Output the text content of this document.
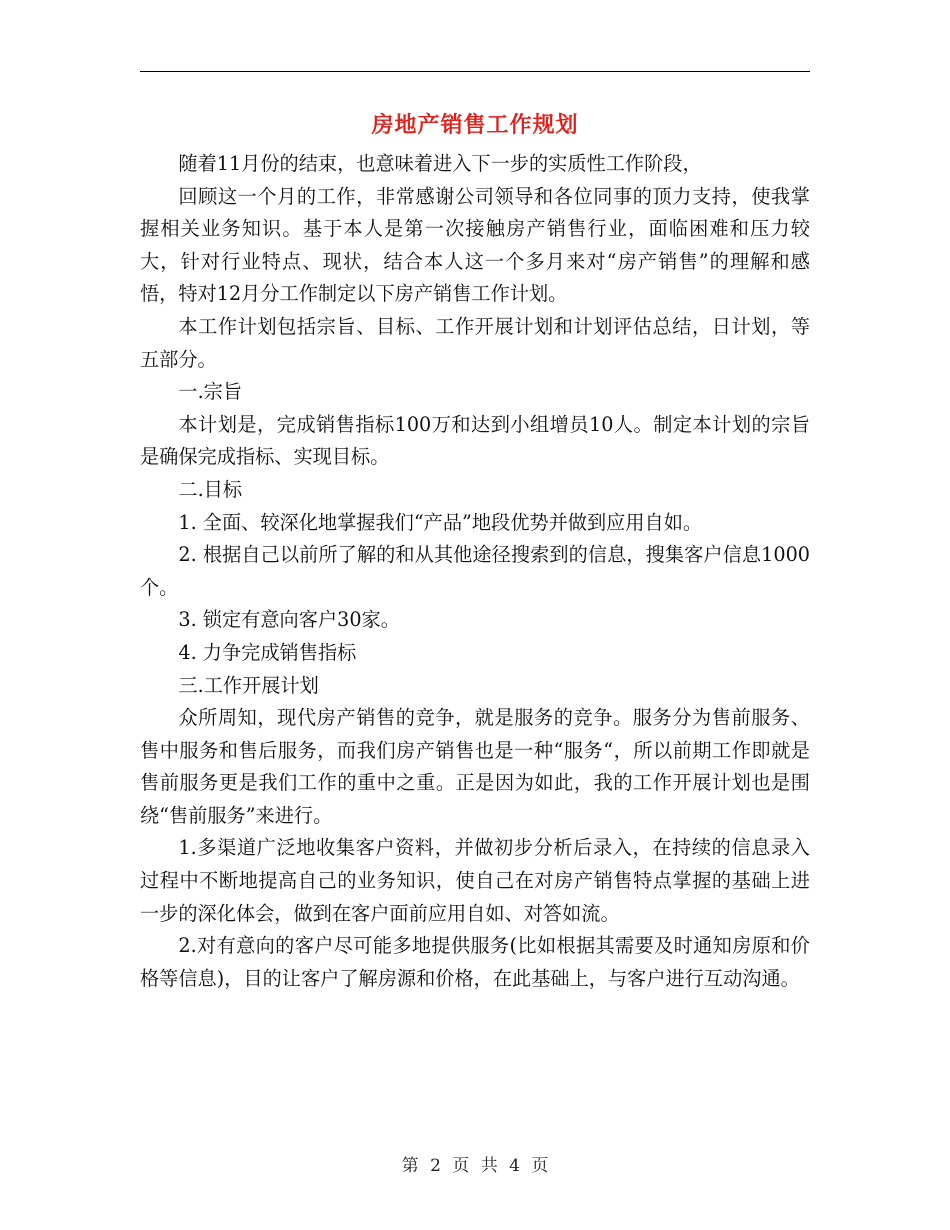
房地产销售工作规划

随着11月份的结束，也意味着进入下一步的实质性工作阶段，

回顾这一个月的工作，非常感谢公司领导和各位同事的顶力支持，使我掌握相关业务知识。基于本人是第一次接触房产销售行业，面临困难和压力较大，针对行业特点、现状，结合本人这一个多月来对“房产销售”的理解和感悟，特对12月分工作制定以下房产销售工作计划。

本工作计划包括宗旨、目标、工作开展计划和计划评估总结，日计划，等五部分。

一.宗旨

本计划是，完成销售指标100万和达到小组增员10人。制定本计划的宗旨是确保完成指标、实现目标。

二.目标

1. 全面、较深化地掌握我们“产品”地段优势并做到应用自如。

2. 根据自己以前所了解的和从其他途径搜索到的信息，搜集客户信息1000个。

3. 锁定有意向客户30家。

4. 力争完成销售指标

三.工作开展计划

众所周知，现代房产销售的竞争，就是服务的竞争。服务分为售前服务、售中服务和售后服务，而我们房产销售也是一种“服务“，所以前期工作即就是售前服务更是我们工作的重中之重。正是因为如此，我的工作开展计划也是围绕“售前服务”来进行。

1.多渠道广泛地收集客户资料，并做初步分析后录入，在持续的信息录入过程中不断地提高自己的业务知识，使自己在对房产销售特点掌握的基础上进一步的深化体会，做到在客户面前应用自如、对答如流。

2.对有意向的客户尽可能多地提供服务(比如根据其需要及时通知房原和价格等信息)，目的让客户了解房源和价格，在此基础上，与客户进行互动沟通。

第 2 页 共 4 页
